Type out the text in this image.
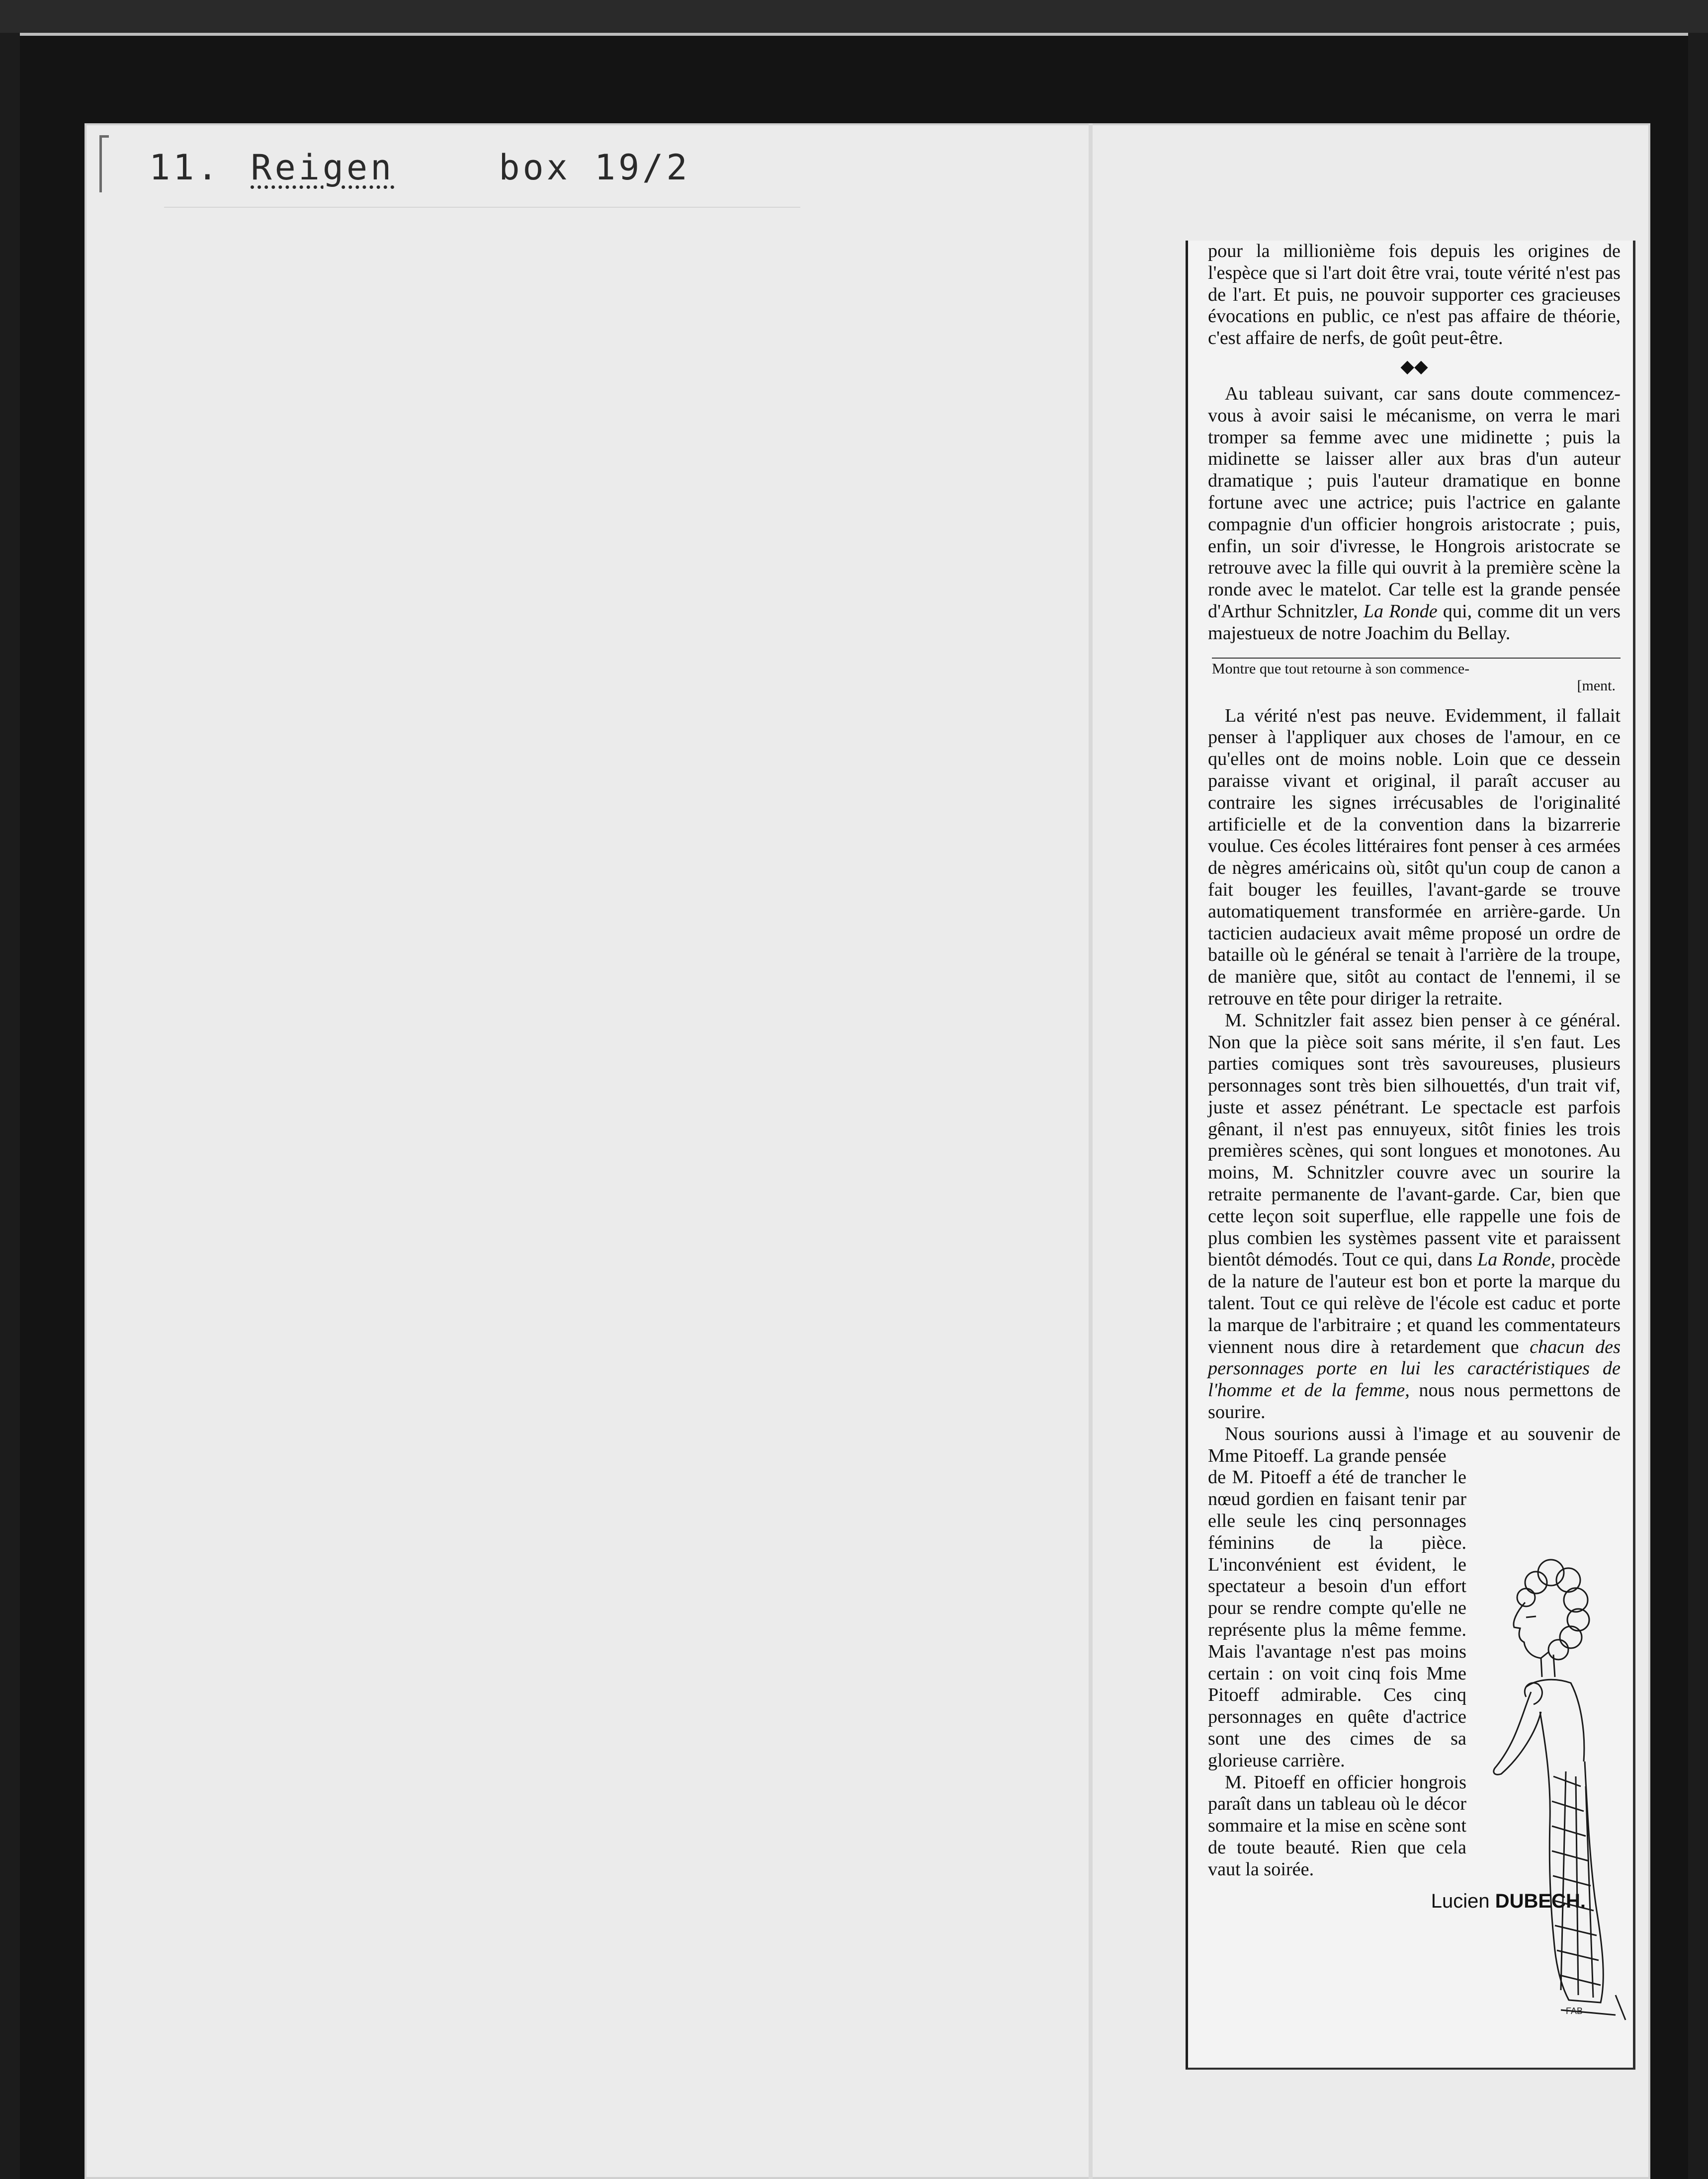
11. Reigen	box 19/2

pour la millionième fois depuis les origines de l'espèce que si l'art doit être vrai, toute vérité n'est pas de l'art. Et puis, ne pouvoir supporter ces gracieuses évocations en public, ce n'est pas affaire de théorie, c'est affaire de nerfs, de goût peut-être.

◆◆

Au tableau suivant, car sans doute commencez-vous à avoir saisi le mécanisme, on verra le mari tromper sa femme avec une midinette ; puis la midinette se laisser aller aux bras d'un auteur dramatique ; puis l'auteur dramatique en bonne fortune avec une actrice; puis l'actrice en galante compagnie d'un officier hongrois aristocrate ; puis, enfin, un soir d'ivresse, le Hongrois aristocrate se retrouve avec la fille qui ouvrit à la première scène la ronde avec le matelot. Car telle est la grande pensée d'Arthur Schnitzler, La Ronde qui, comme dit un vers majestueux de notre Joachim du Bellay.

Montre que tout retourne à son commence-
[ment.

La vérité n'est pas neuve. Evidemment, il fallait penser à l'appliquer aux choses de l'amour, en ce qu'elles ont de moins noble. Loin que ce dessein paraisse vivant et original, il paraît accuser au contraire les signes irrécusables de l'originalité artificielle et de la convention dans la bizarrerie voulue. Ces écoles littéraires font penser à ces armées de nègres américains où, sitôt qu'un coup de canon a fait bouger les feuilles, l'avant-garde se trouve automatiquement transformée en arrière-garde. Un tacticien audacieux avait même proposé un ordre de bataille où le général se tenait à l'arrière de la troupe, de manière que, sitôt au contact de l'ennemi, il se retrouve en tête pour diriger la retraite.

M. Schnitzler fait assez bien penser à ce général. Non que la pièce soit sans mérite, il s'en faut. Les parties comiques sont très savoureuses, plusieurs personnages sont très bien silhouettés, d'un trait vif, juste et assez pénétrant. Le spectacle est parfois gênant, il n'est pas ennuyeux, sitôt finies les trois premières scènes, qui sont longues et monotones. Au moins, M. Schnitzler couvre avec un sourire la retraite permanente de l'avant-garde. Car, bien que cette leçon soit superflue, elle rappelle une fois de plus combien les systèmes passent vite et paraissent bientôt démodés. Tout ce qui, dans La Ronde, procède de la nature de l'auteur est bon et porte la marque du talent. Tout ce qui relève de l'école est caduc et porte la marque de l'arbitraire ; et quand les commentateurs viennent nous dire à retardement que chacun des personnages porte en lui les caractéristiques de l'homme et de la femme, nous nous permettons de sourire.

Nous sourions aussi à l'image et au souvenir de Mme Pitoeff. La grande pensée

de M. Pitoeff a été de trancher le nœud gordien en faisant tenir par elle seule les cinq personnages féminins de la pièce. L'inconvénient est évident, le spectateur a besoin d'un effort pour se rendre compte qu'elle ne représente plus la même femme. Mais l'avantage n'est pas moins certain : on voit cinq fois Mme Pitoeff admirable. Ces cinq personnages en quête d'actrice sont une des cimes de sa glorieuse carrière.

M. Pitoeff en officier hongrois paraît dans un tableau où le décor sommaire et la mise en scène sont de toute beauté. Rien que cela vaut la soirée.

Lucien DUBECH.
FAB
